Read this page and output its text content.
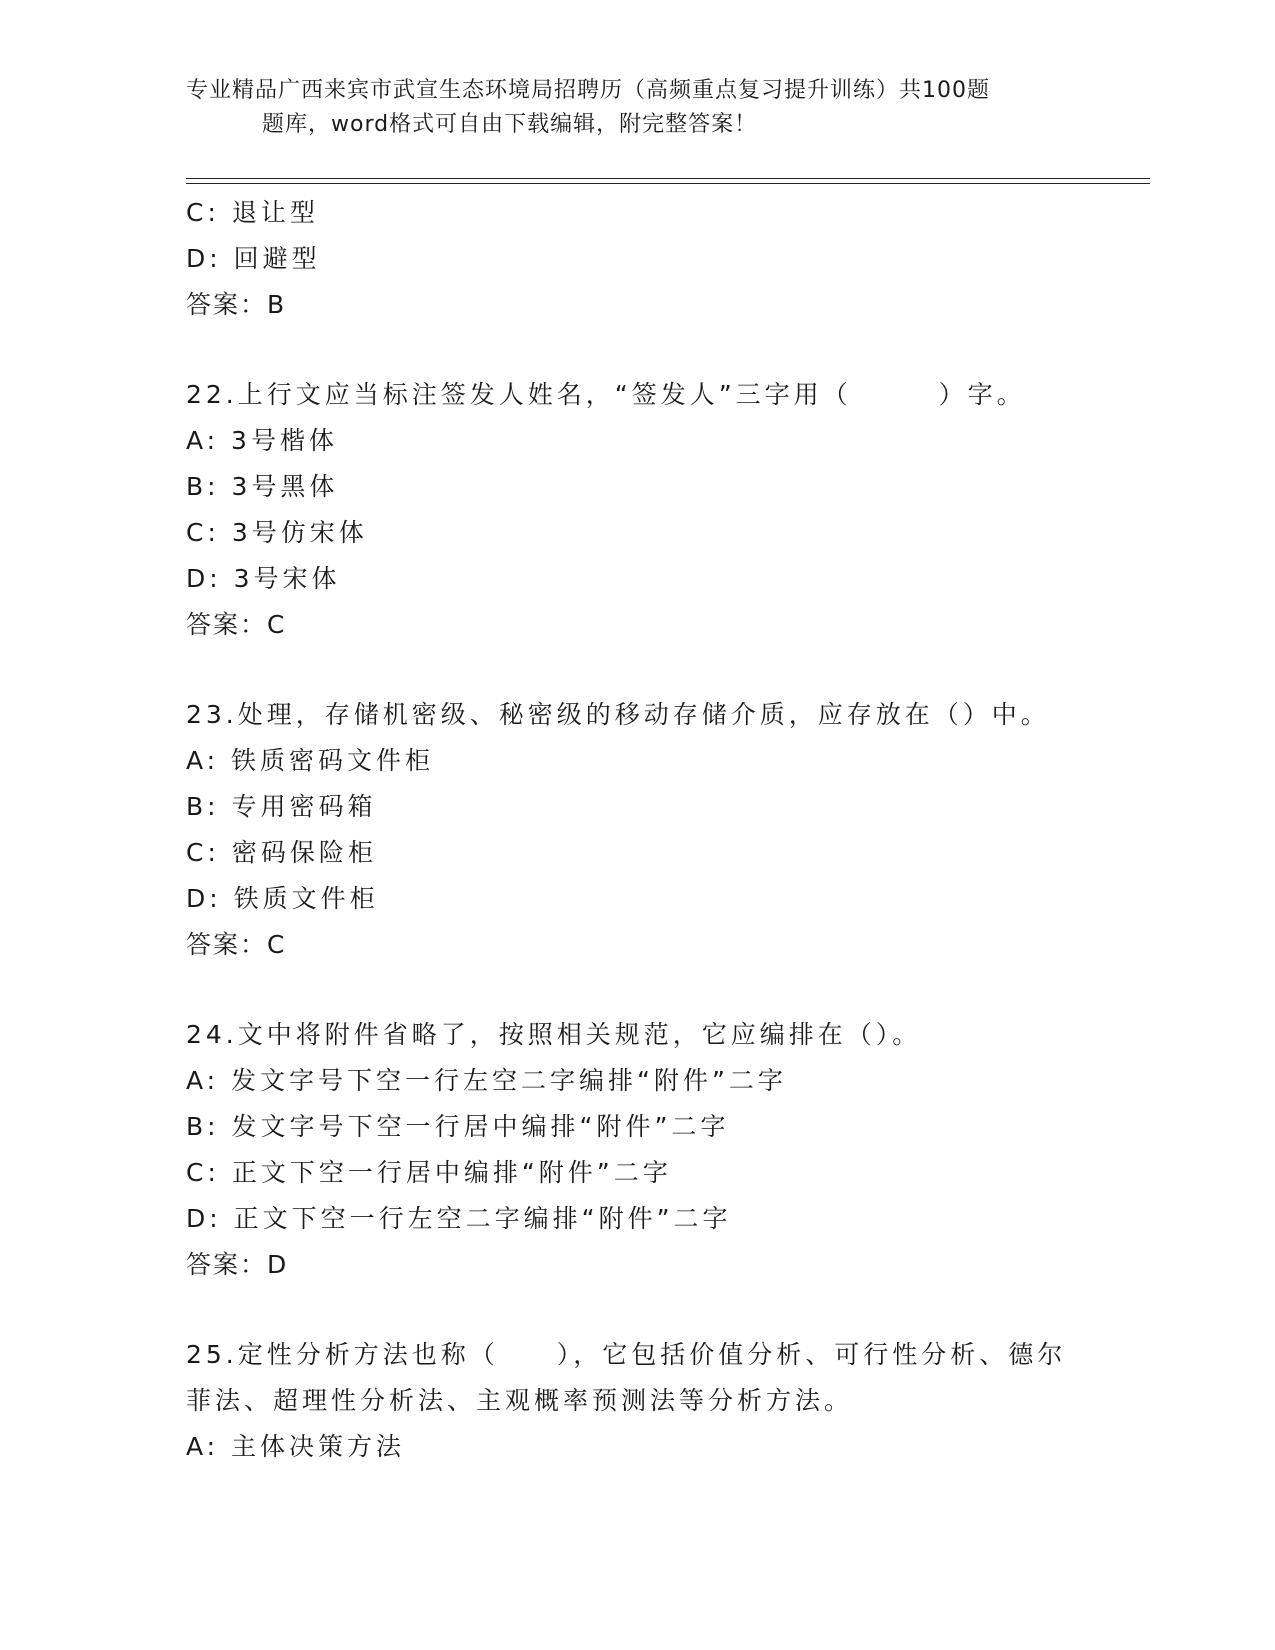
专业精品广西来宾市武宣生态环境局招聘历（高频重点复习提升训练）共100题
题库，word格式可自由下载编辑，附完整答案！
C: 退让型
D: 回避型
答案：B
22.上行文应当标注签发人姓名，“签发人”三字用（　　　）字。
A: 3号楷体
B: 3号黑体
C: 3号仿宋体
D: 3号宋体
答案：C
23.处理，存储机密级、秘密级的移动存储介质，应存放在（）中。
A: 铁质密码文件柜
B: 专用密码箱
C: 密码保险柜
D: 铁质文件柜
答案：C
24.文中将附件省略了，按照相关规范，它应编排在（）。
A: 发文字号下空一行左空二字编排“附件”二字
B: 发文字号下空一行居中编排“附件”二字
C: 正文下空一行居中编排“附件”二字
D: 正文下空一行左空二字编排“附件”二字
答案：D
25.定性分析方法也称（　　），它包括价值分析、可行性分析、德尔
菲法、超理性分析法、主观概率预测法等分析方法。
A: 主体决策方法
